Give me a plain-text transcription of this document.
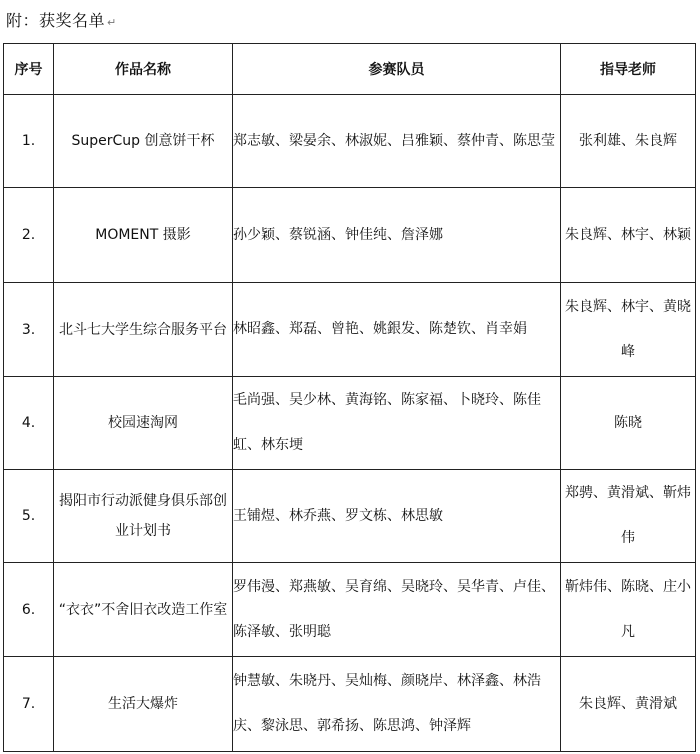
附：获奖名单 ↵
序号	作品名称	参赛队员	指导老师
1.	SuperCup 创意饼干杯	郑志敏 、 梁晏余 、 林淑妮 、 吕雅颖 、 蔡仲青 、 陈思莹	张利雄 、 朱良辉

2.	MOMENT 摄影	孙少颖 、 蔡锐涵 、 钟佳纯 、 詹泽娜	朱良辉 、 林宇 、 林颖

3.	北斗七大学生综合服务平台	林昭鑫 、 郑磊 、 曾艳 、 姚銀发 、 陈楚钦 、 肖幸娟	朱良辉 、 林宇 、 黄晓峰

4.	校园速淘网	毛尚强 、 吴少林 、 黄海铭 、 陈家福 、 卜晓玲 、 陈佳虹 、 林东埂	陈晓

5.	揭阳市行动派健身俱乐部创业计划书	王铺煜 、 林乔燕 、 罗文栋 、 林思敏	郑骋 、 黄滑斌 、 靳炜伟

6.	“衣衣”不舍旧衣改造工作室	罗伟漫 、 郑燕敏 、 吴育绵 、 吴晓玲 、 吴华青 、 卢佳 、陈泽敏 、 张明聪	靳炜伟 、 陈晓 、 庄小凡

7.	生活大爆炸	钟慧敏 、 朱晓丹 、 吴灿梅 、 颜晓岸 、 林泽鑫 、 林浩庆 、 黎泳思 、 郭希扬 、 陈思鸿 、 钟泽辉	朱良辉 、 黄滑斌
